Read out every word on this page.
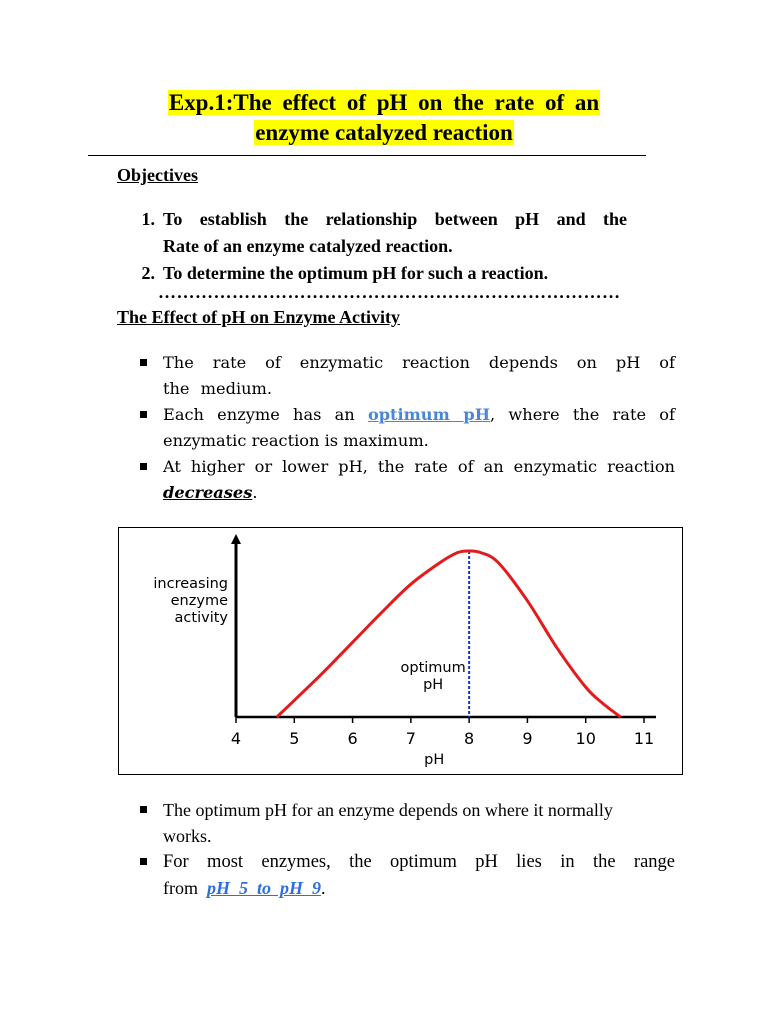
Exp.1:The effect of pH on the rate of an
enzyme catalyzed reaction
Objectives
1. To establish the relationship between pH and the
Rate of an enzyme catalyzed reaction.
2. To determine the optimum pH for such a reaction.
…………………………………………………………………
The Effect of pH on Enzyme Activity
The rate of enzymatic reaction depends on pH of
the medium.
Each enzyme has an optimum pH, where the rate of
enzymatic reaction is maximum.
At higher or lower pH, the rate of an enzymatic reaction
decreases.
increasing
enzyme
activity
optimum
pH
4	5	6	7	8	9	10 11
pH
The optimum pH for an enzyme depends on where it normally
works.
For most enzymes, the optimum pH lies in the range
from  pH  5  to  pH  9.
